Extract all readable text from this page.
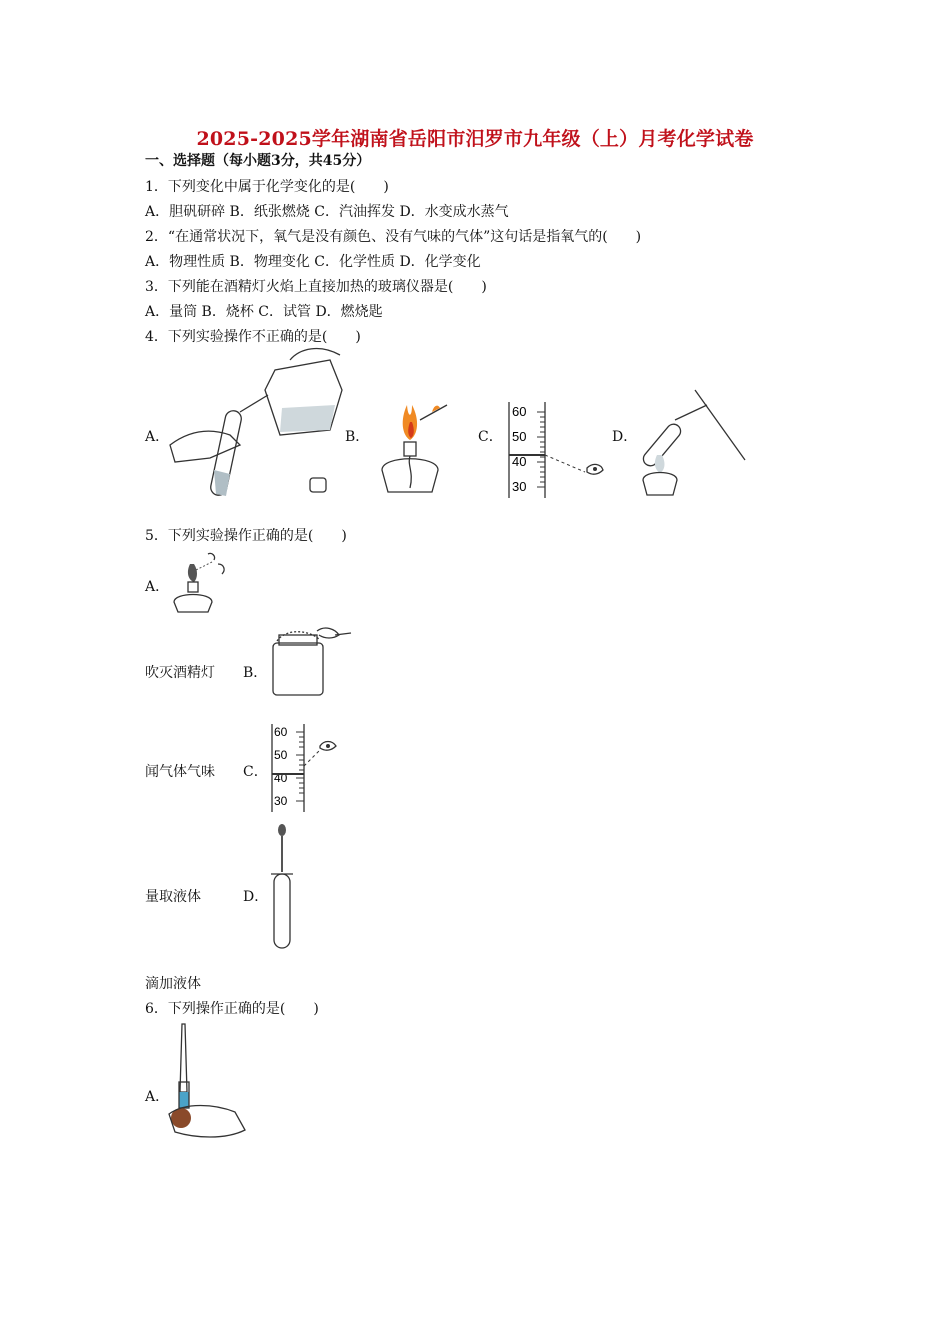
2025-2025学年湖南省岳阳市汨罗市九年级（上）月考化学试卷
一、选择题（每小题3分，共45分）
1．下列变化中属于化学变化的是(　　)
A．胆矾研碎 B．纸张燃烧 C．汽油挥发 D．水变成水蒸气
2．“在通常状况下，氧气是没有颜色、没有气味的气体”这句话是指氧气的(　　)
A．物理性质 B．物理变化 C．化学性质 D．化学变化
3．下列能在酒精灯火焰上直接加热的玻璃仪器是(　　)
A．量筒 B．烧杯 C．试管 D．燃烧匙
4．下列实验操作不正确的是(　　)
A．	B．	C．	D．
60
50
40
30
5．下列实验操作正确的是(　　)
A．
吹灭酒精灯 B．
闻气体气味 C．
60
50
40
30
量取液体	D．
滴加液体
6．下列操作正确的是(　　)
A．
